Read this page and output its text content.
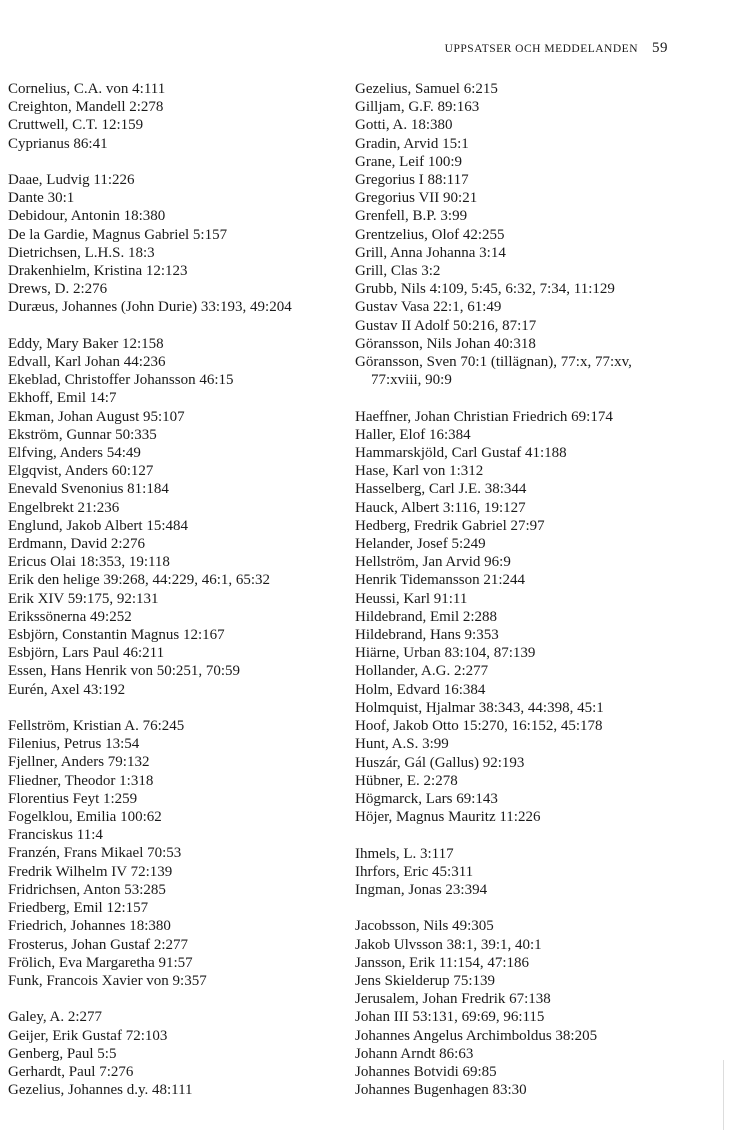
UPPSATSER OCH MEDDELANDEN 59
Cornelius, C.A. von 4:111
Creighton, Mandell 2:278
Cruttwell, C.T. 12:159
Cyprianus 86:41
Daae, Ludvig 11:226
Dante 30:1
Debidour, Antonin 18:380
De la Gardie, Magnus Gabriel 5:157
Dietrichsen, L.H.S. 18:3
Drakenhielm, Kristina 12:123
Drews, D. 2:276
Duræus, Johannes (John Durie) 33:193, 49:204
Eddy, Mary Baker 12:158
Edvall, Karl Johan 44:236
Ekeblad, Christoffer Johansson 46:15
Ekhoff, Emil 14:7
Ekman, Johan August 95:107
Ekström, Gunnar 50:335
Elfving, Anders 54:49
Elgqvist, Anders 60:127
Enevald Svenonius 81:184
Engelbrekt 21:236
Englund, Jakob Albert 15:484
Erdmann, David 2:276
Ericus Olai 18:353, 19:118
Erik den helige 39:268, 44:229, 46:1, 65:32
Erik XIV 59:175, 92:131
Erikssönerna 49:252
Esbjörn, Constantin Magnus 12:167
Esbjörn, Lars Paul 46:211
Essen, Hans Henrik von 50:251, 70:59
Eurén, Axel 43:192
Fellström, Kristian A. 76:245
Filenius, Petrus 13:54
Fjellner, Anders 79:132
Fliedner, Theodor 1:318
Florentius Feyt 1:259
Fogelklou, Emilia 100:62
Franciskus 11:4
Franzén, Frans Mikael 70:53
Fredrik Wilhelm IV 72:139
Fridrichsen, Anton 53:285
Friedberg, Emil 12:157
Friedrich, Johannes 18:380
Frosterus, Johan Gustaf 2:277
Frölich, Eva Margaretha 91:57
Funk, Francois Xavier von 9:357
Galey, A. 2:277
Geijer, Erik Gustaf 72:103
Genberg, Paul 5:5
Gerhardt, Paul 7:276
Gezelius, Johannes d.y. 48:111
Gezelius, Samuel 6:215
Gilljam, G.F. 89:163
Gotti, A. 18:380
Gradin, Arvid 15:1
Grane, Leif 100:9
Gregorius I 88:117
Gregorius VII 90:21
Grenfell, B.P. 3:99
Grentzelius, Olof 42:255
Grill, Anna Johanna 3:14
Grill, Clas 3:2
Grubb, Nils 4:109, 5:45, 6:32, 7:34, 11:129
Gustav Vasa 22:1, 61:49
Gustav II Adolf 50:216, 87:17
Göransson, Nils Johan 40:318
Göransson, Sven 70:1 (tillägnan), 77:x, 77:xv,
77:xviii, 90:9
Haeffner, Johan Christian Friedrich 69:174
Haller, Elof 16:384
Hammarskjöld, Carl Gustaf 41:188
Hase, Karl von 1:312
Hasselberg, Carl J.E. 38:344
Hauck, Albert 3:116, 19:127
Hedberg, Fredrik Gabriel 27:97
Helander, Josef 5:249
Hellström, Jan Arvid 96:9
Henrik Tidemansson 21:244
Heussi, Karl 91:11
Hildebrand, Emil 2:288
Hildebrand, Hans 9:353
Hiärne, Urban 83:104, 87:139
Hollander, A.G. 2:277
Holm, Edvard 16:384
Holmquist, Hjalmar 38:343, 44:398, 45:1
Hoof, Jakob Otto 15:270, 16:152, 45:178
Hunt, A.S. 3:99
Huszár, Gál (Gallus) 92:193
Hübner, E. 2:278
Högmarck, Lars 69:143
Höjer, Magnus Mauritz 11:226
Ihmels, L. 3:117
Ihrfors, Eric 45:311
Ingman, Jonas 23:394
Jacobsson, Nils 49:305
Jakob Ulvsson 38:1, 39:1, 40:1
Jansson, Erik 11:154, 47:186
Jens Skielderup 75:139
Jerusalem, Johan Fredrik 67:138
Johan III 53:131, 69:69, 96:115
Johannes Angelus Archimboldus 38:205
Johann Arndt 86:63
Johannes Botvidi 69:85
Johannes Bugenhagen 83:30
